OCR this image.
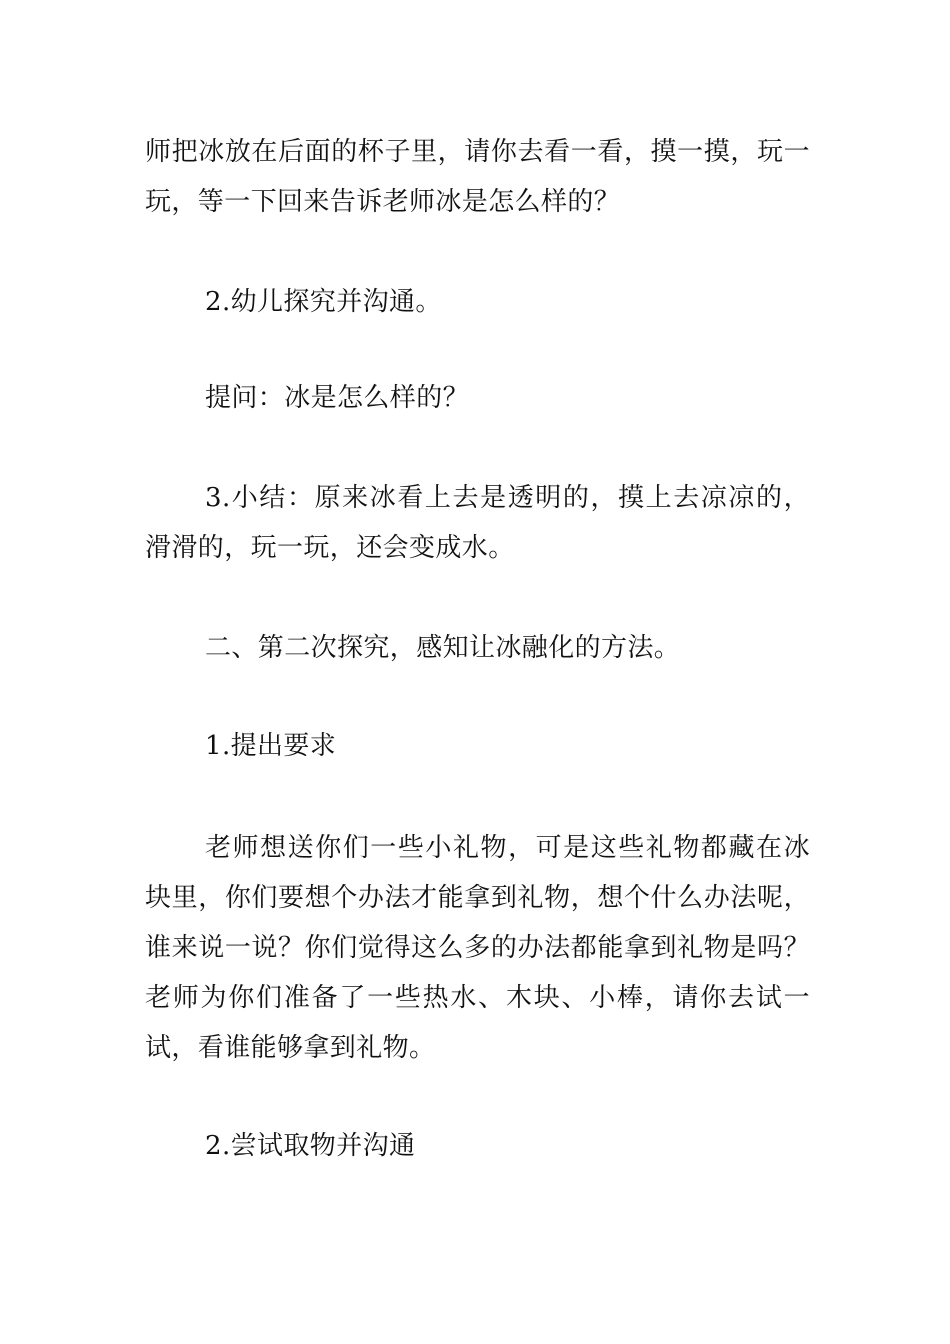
师把冰放在后面的杯子里，请你去看一看，摸一摸，玩一玩，等一下回来告诉老师冰是怎么样的？

2.幼儿探究并沟通。

提问：冰是怎么样的？

3.小结：原来冰看上去是透明的，摸上去凉凉的，滑滑的，玩一玩，还会变成水。

二、第二次探究，感知让冰融化的方法。

1.提出要求

老师想送你们一些小礼物，可是这些礼物都藏在冰块里，你们要想个办法才能拿到礼物，想个什么办法呢，谁来说一说？你们觉得这么多的办法都能拿到礼物是吗？老师为你们准备了一些热水、木块、小棒，请你去试一试，看谁能够拿到礼物。

2.尝试取物并沟通
